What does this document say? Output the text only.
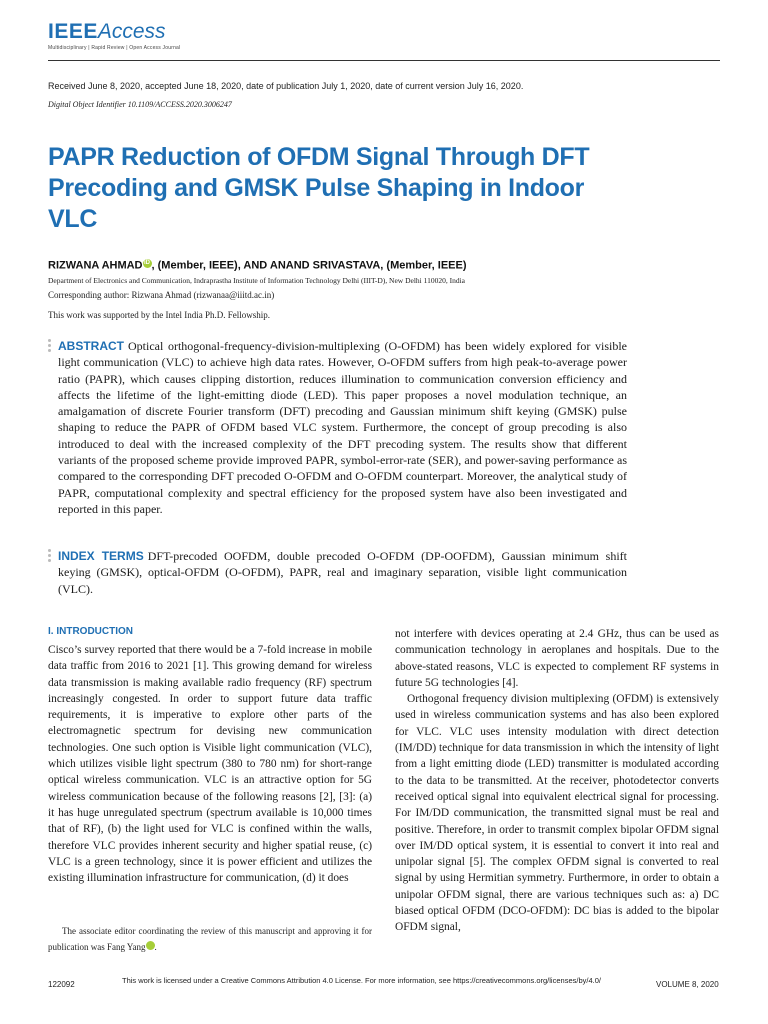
IEEEAccess
Multidisciplinary | Rapid Review | Open Access Journal
Received June 8, 2020, accepted June 18, 2020, date of publication July 1, 2020, date of current version July 16, 2020.
Digital Object Identifier 10.1109/ACCESS.2020.3006247
PAPR Reduction of OFDM Signal Through DFT Precoding and GMSK Pulse Shaping in Indoor VLC
RIZWANA AHMAD iD , (Member, IEEE), AND ANAND SRIVASTAVA, (Member, IEEE)
Department of Electronics and Communication, Indraprastha Institute of Information Technology Delhi (IIIT-D), New Delhi 110020, India
Corresponding author: Rizwana Ahmad (rizwanaa@iiitd.ac.in)
This work was supported by the Intel India Ph.D. Fellowship.
ABSTRACT Optical orthogonal-frequency-division-multiplexing (O-OFDM) has been widely explored for visible light communication (VLC) to achieve high data rates. However, O-OFDM suffers from high peak-to-average power ratio (PAPR), which causes clipping distortion, reduces illumination to communication conversion efficiency and affects the lifetime of the light-emitting diode (LED). This paper proposes a novel modulation technique, an amalgamation of discrete Fourier transform (DFT) precoding and Gaussian minimum shift keying (GMSK) pulse shaping to reduce the PAPR of OFDM based VLC system. Furthermore, the concept of group precoding is also introduced to deal with the increased complexity of the DFT precoding system. The results show that different variants of the proposed scheme provide improved PAPR, symbol-error-rate (SER), and power-saving performance as compared to the corresponding DFT precoded O-OFDM and O-OFDM counterpart. Moreover, the analytical study of PAPR, computational complexity and spectral efficiency for the proposed system have also been investigated and reported in this paper.
INDEX TERMS DFT-precoded OOFDM, double precoded O-OFDM (DP-OOFDM), Gaussian minimum shift keying (GMSK), optical-OFDM (O-OFDM), PAPR, real and imaginary separation, visible light communication (VLC).
I. INTRODUCTION

Cisco’s survey reported that there would be a 7-fold increase in mobile data traffic from 2016 to 2021 [1]. This growing demand for wireless data transmission is making available radio frequency (RF) spectrum increasingly congested. In order to support future data traffic requirements, it is imperative to explore other parts of the electromagnetic spectrum for devising new communication technologies. One such option is Visible light communication (VLC), which utilizes visible light spectrum (380 to 780 nm) for short-range optical wireless communication. VLC is an attractive option for 5G wireless communication because of the following reasons [2], [3]: (a) it has huge unregulated spectrum (spectrum available is 10,000 times that of RF), (b) the light used for VLC is confined within the walls, therefore VLC provides inherent security and higher spatial reuse, (c) VLC is a green technology, since it is power efficient and utilizes the existing illumination infrastructure for communication, (d) it does

not interfere with devices operating at 2.4 GHz, thus can be used as communication technology in aeroplanes and hospitals. Due to the above-stated reasons, VLC is expected to complement RF systems in future 5G technologies [4].

Orthogonal frequency division multiplexing (OFDM) is extensively used in wireless communication systems and has also been explored for VLC. VLC uses intensity modulation with direct detection (IM/DD) technique for data transmission in which the intensity of light from a light emitting diode (LED) transmitter is modulated according to the data to be transmitted. At the receiver, photodetector converts received optical signal into equivalent electrical signal for processing. For IM/DD communication, the transmitted signal must be real and positive. Therefore, in order to transmit complex bipolar OFDM signal over IM/DD optical system, it is essential to convert it into real and unipolar signal [5]. The complex OFDM signal is converted to real signal by using Hermitian symmetry. Furthermore, in order to obtain a unipolar OFDM signal, there are various techniques such as: a) DC biased optical OFDM (DCO-OFDM): DC bias is added to the bipolar OFDM signal,

The associate editor coordinating the review of this manuscript and approving it for publication was Fang Yang iD.

122092	This work is licensed under a Creative Commons Attribution 4.0 License. For more information, see https://creativecommons.org/licenses/by/4.0/	VOLUME 8, 2020
